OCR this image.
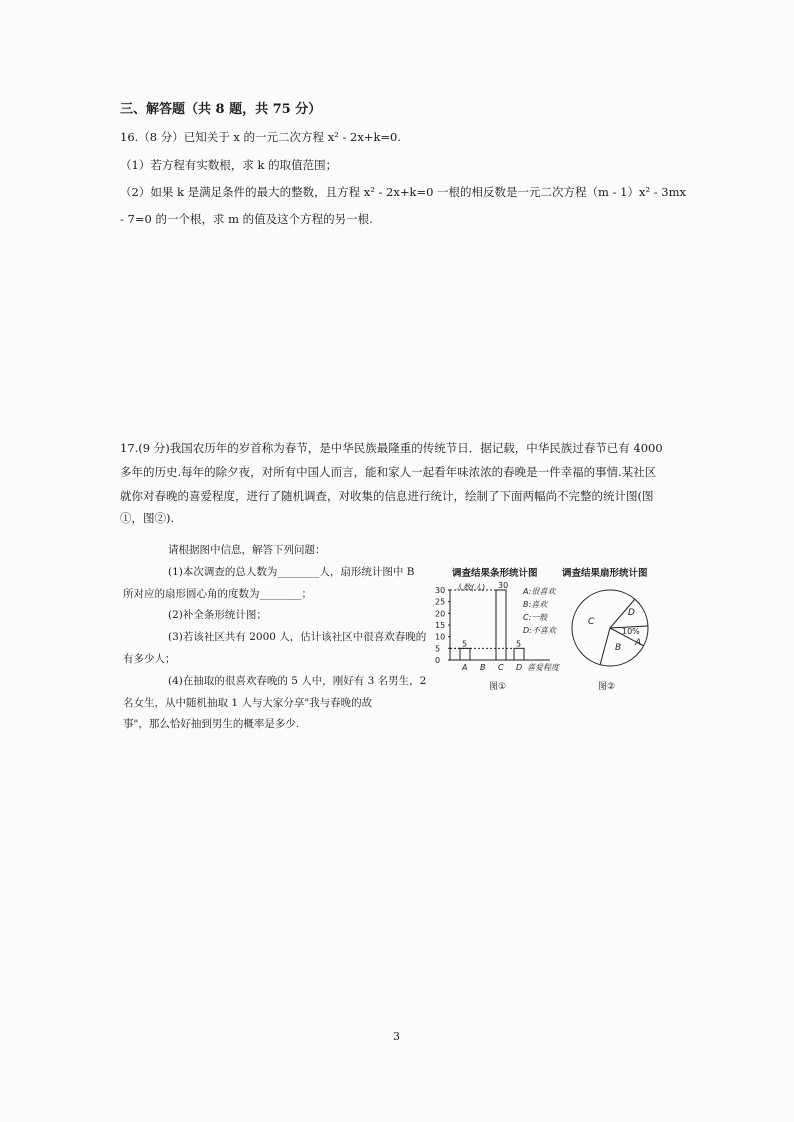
三、解答题（共 8 题，共 75 分）
16.（8 分）已知关于 x 的一元二次方程 x² - 2x+k=0.
（1）若方程有实数根，求 k 的取值范围；
（2）如果 k 是满足条件的最大的整数，且方程 x² - 2x+k=0 一根的相反数是一元二次方程（m - 1）x² - 3mx
- 7=0 的一个根，求 m 的值及这个方程的另一根.
17.(9 分)我国农历年的岁首称为春节，是中华民族最隆重的传统节日．据记载，中华民族过春节已有 4000
多年的历史.每年的除夕夜，对所有中国人而言，能和家人一起看年味浓浓的春晚是一件幸福的事情.某社区
就你对春晚的喜爱程度，进行了随机调查，对收集的信息进行统计，绘制了下面两幅尚不完整的统计图(图
①，图②).
请根据图中信息，解答下列问题：
(1)本次调查的总人数为________人，扇形统计图中 B
所对应的扇形圆心角的度数为________；
(2)补全条形统计图；
(3)若该社区共有 2000 人，估计该社区中很喜欢春晚的
有多少人；
(4)在抽取的很喜欢春晚的 5 人中，刚好有 3 名男生，2
名女生，从中随机抽取 1 人与大家分享"我与春晚的故
事"，那么恰好抽到男生的概率是多少.
调查结果条形统计图	调查结果扇形统计图
人数(人)
30
25
20
15
10
5
0
5
30
5
A B C D 喜爱程度
A:很喜欢
B:喜欢
C:一般
D:不喜欢
图①
C
D
10%
A
B
图②
3
